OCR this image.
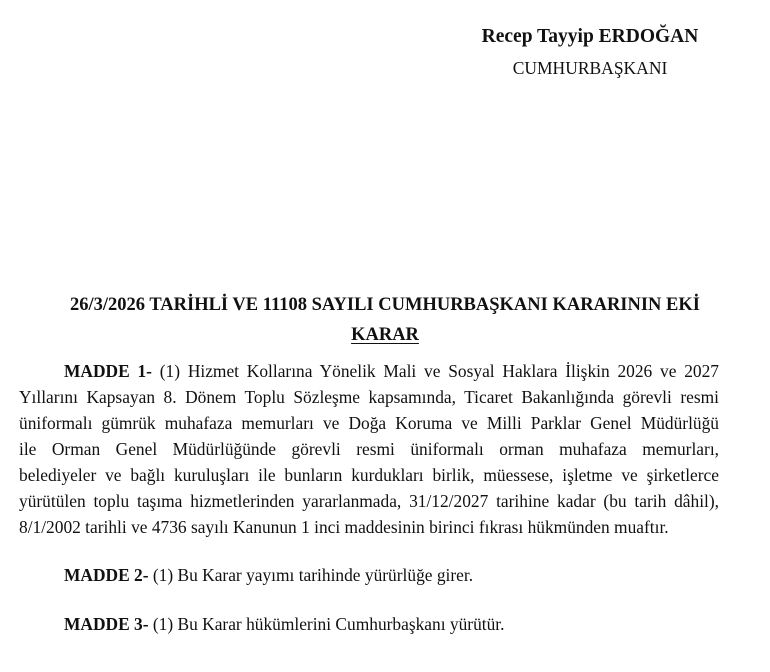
Recep Tayyip ERDOĞAN
CUMHURBAŞKANI
26/3/2026 TARİHLİ VE 11108 SAYILI CUMHURBAŞKANI KARARININ EKİ
KARAR
MADDE 1- (1) Hizmet Kollarına Yönelik Mali ve Sosyal Haklara İlişkin 2026 ve 2027
Yıllarını Kapsayan 8. Dönem Toplu Sözleşme kapsamında, Ticaret Bakanlığında görevli resmi
üniformalı gümrük muhafaza memurları ve Doğa Koruma ve Milli Parklar Genel Müdürlüğü
ile Orman Genel Müdürlüğünde görevli resmi üniformalı orman muhafaza memurları,
belediyeler ve bağlı kuruluşları ile bunların kurdukları birlik, müessese, işletme ve şirketlerce
yürütülen toplu taşıma hizmetlerinden yararlanmada, 31/12/2027 tarihine kadar (bu tarih dâhil),
8/1/2002 tarihli ve 4736 sayılı Kanunun 1 inci maddesinin birinci fıkrası hükmünden muaftır.
MADDE 2- (1) Bu Karar yayımı tarihinde yürürlüğe girer.
MADDE 3- (1) Bu Karar hükümlerini Cumhurbaşkanı yürütür.
